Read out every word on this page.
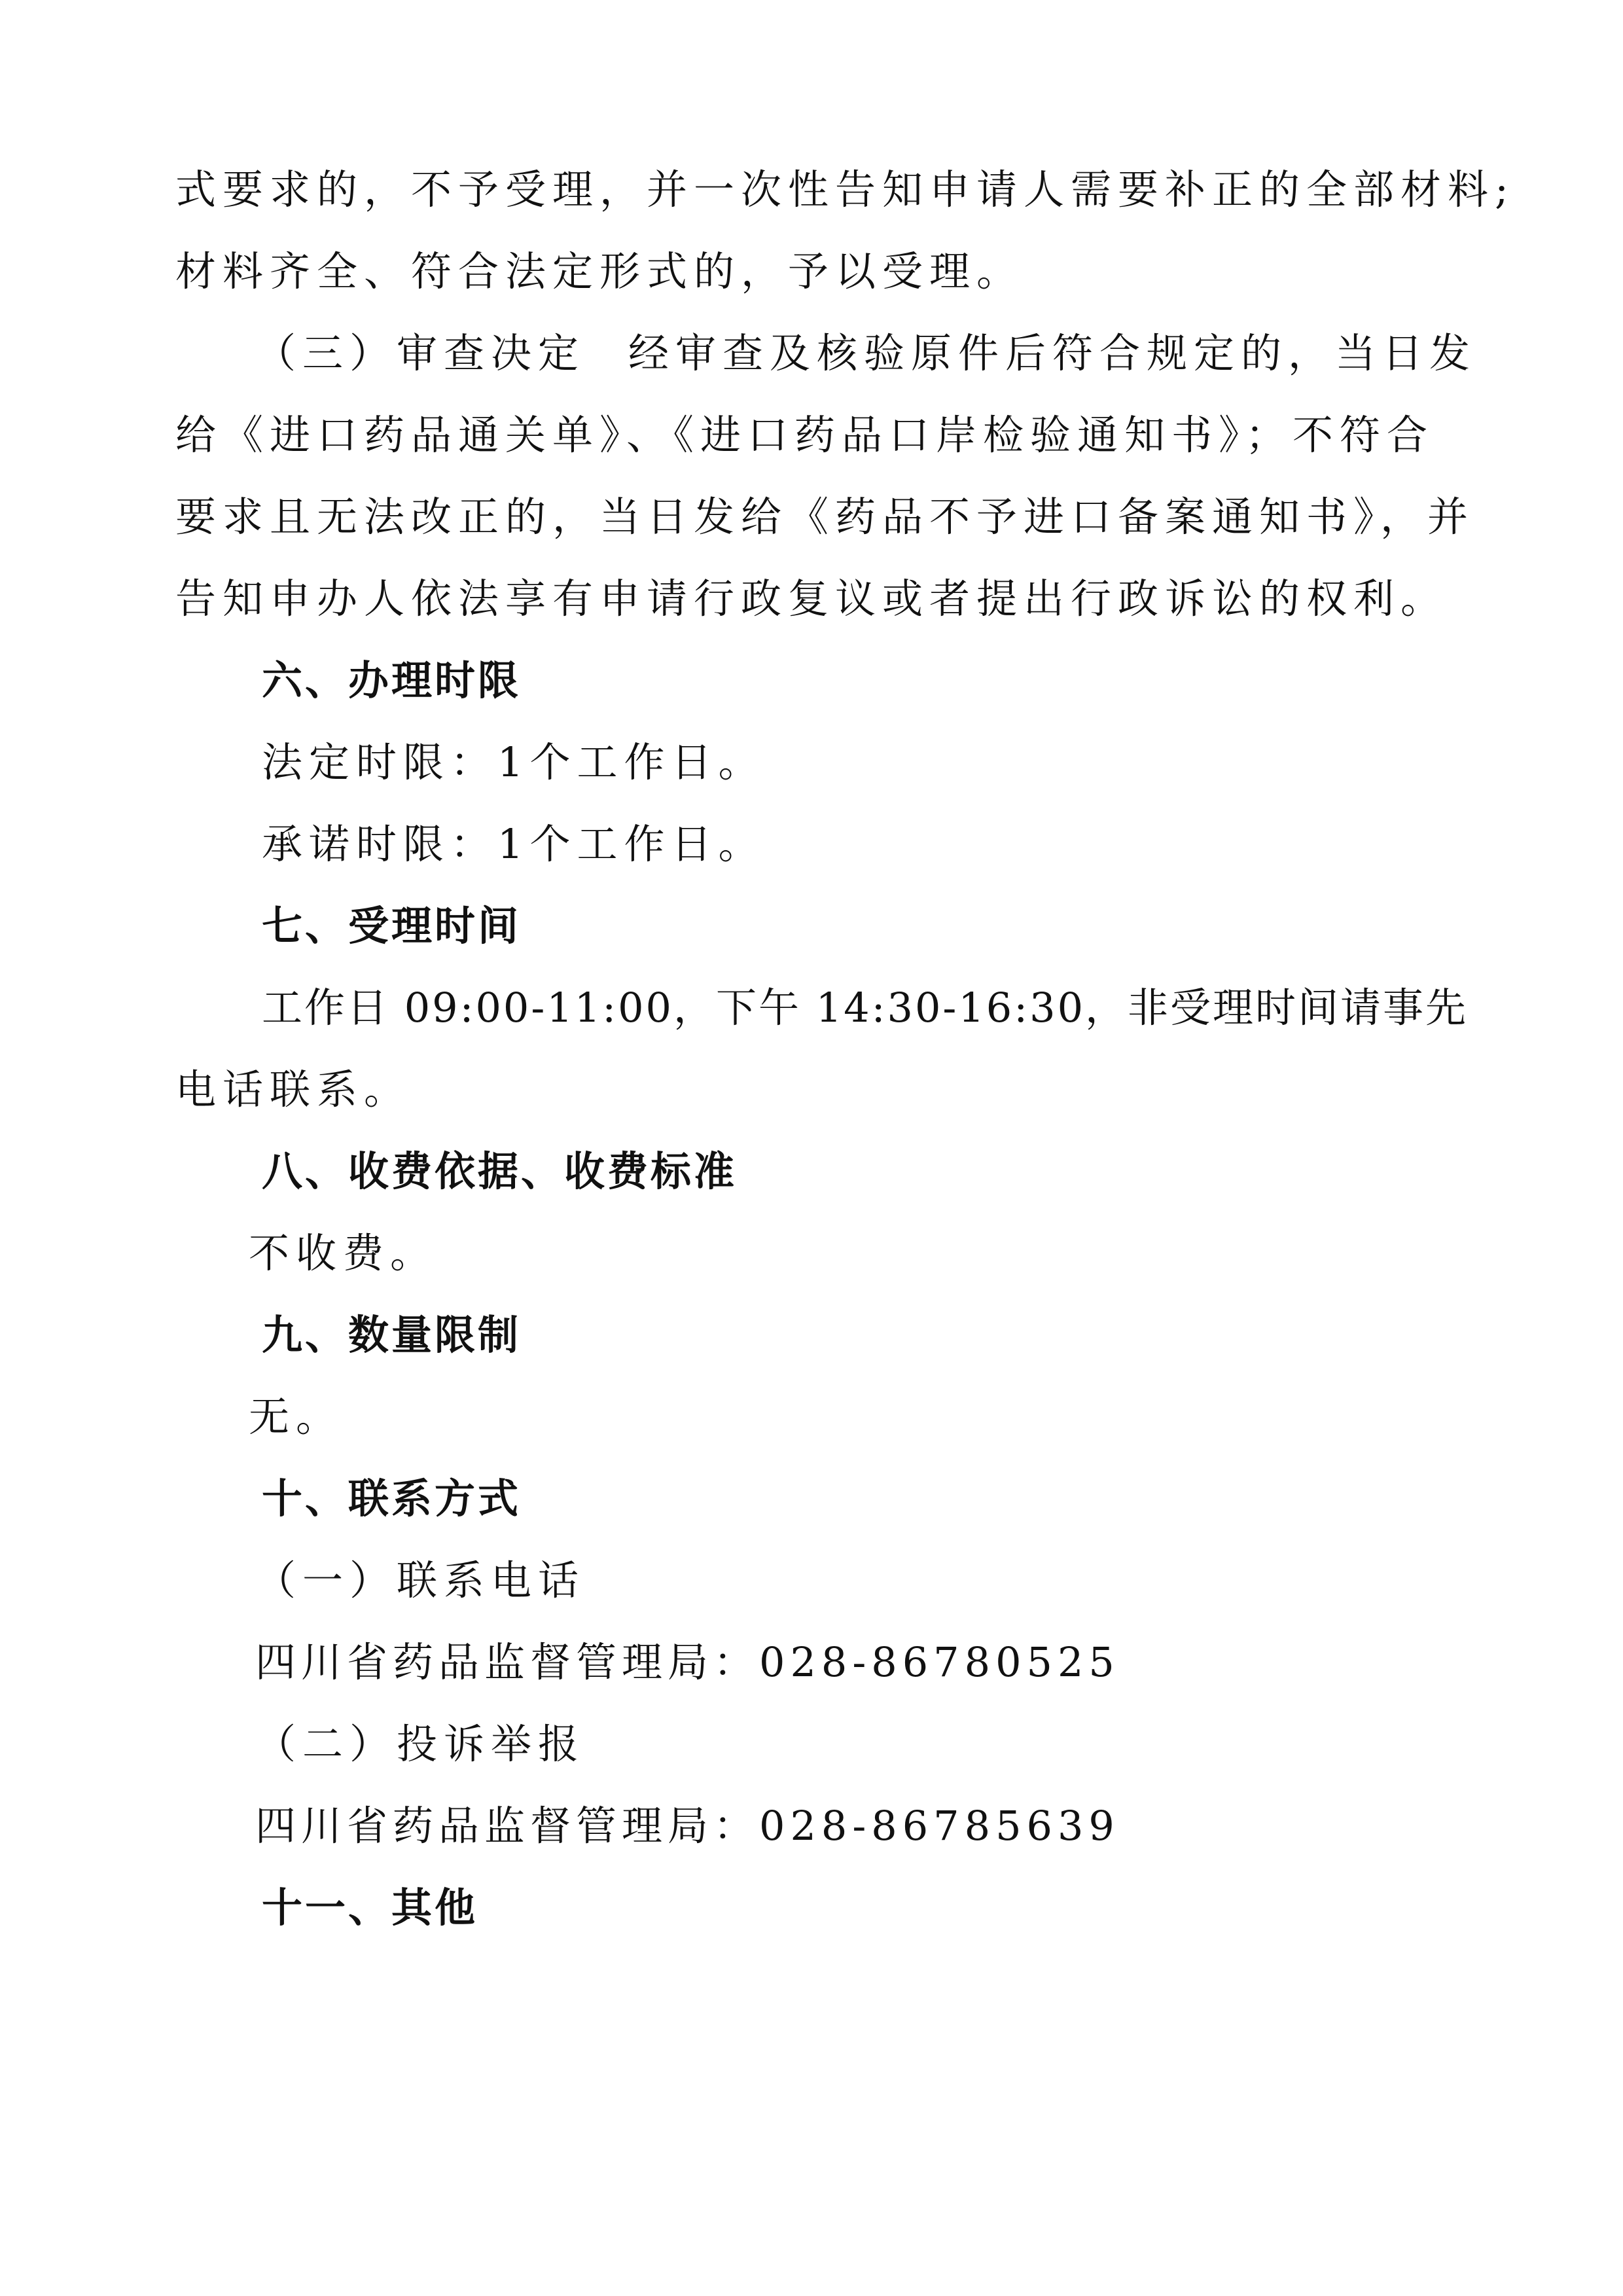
式要求的，不予受理，并一次性告知申请人需要补正的全部材料;
材料齐全、符合法定形式的，予以受理。
（三）审查决定 经审查及核验原件后符合规定的，当日发
给《进口药品通关单》、《进口药品口岸检验通知书》；不符合
要求且无法改正的，当日发给《药品不予进口备案通知书》，并
告知申办人依法享有申请行政复议或者提出行政诉讼的权利。
六、办理时限
法定时限：1个工作日。
承诺时限：1个工作日。
七、受理时间
工作日 09:00-11:00，下午 14:30-16:30，非受理时间请事先
电话联系。
八、收费依据、收费标准
不收费。
九、数量限制
无。
十、联系方式
（一）联系电话
四川省药品监督管理局：028-86780525
（二）投诉举报
四川省药品监督管理局：028-86785639
十一、其他
